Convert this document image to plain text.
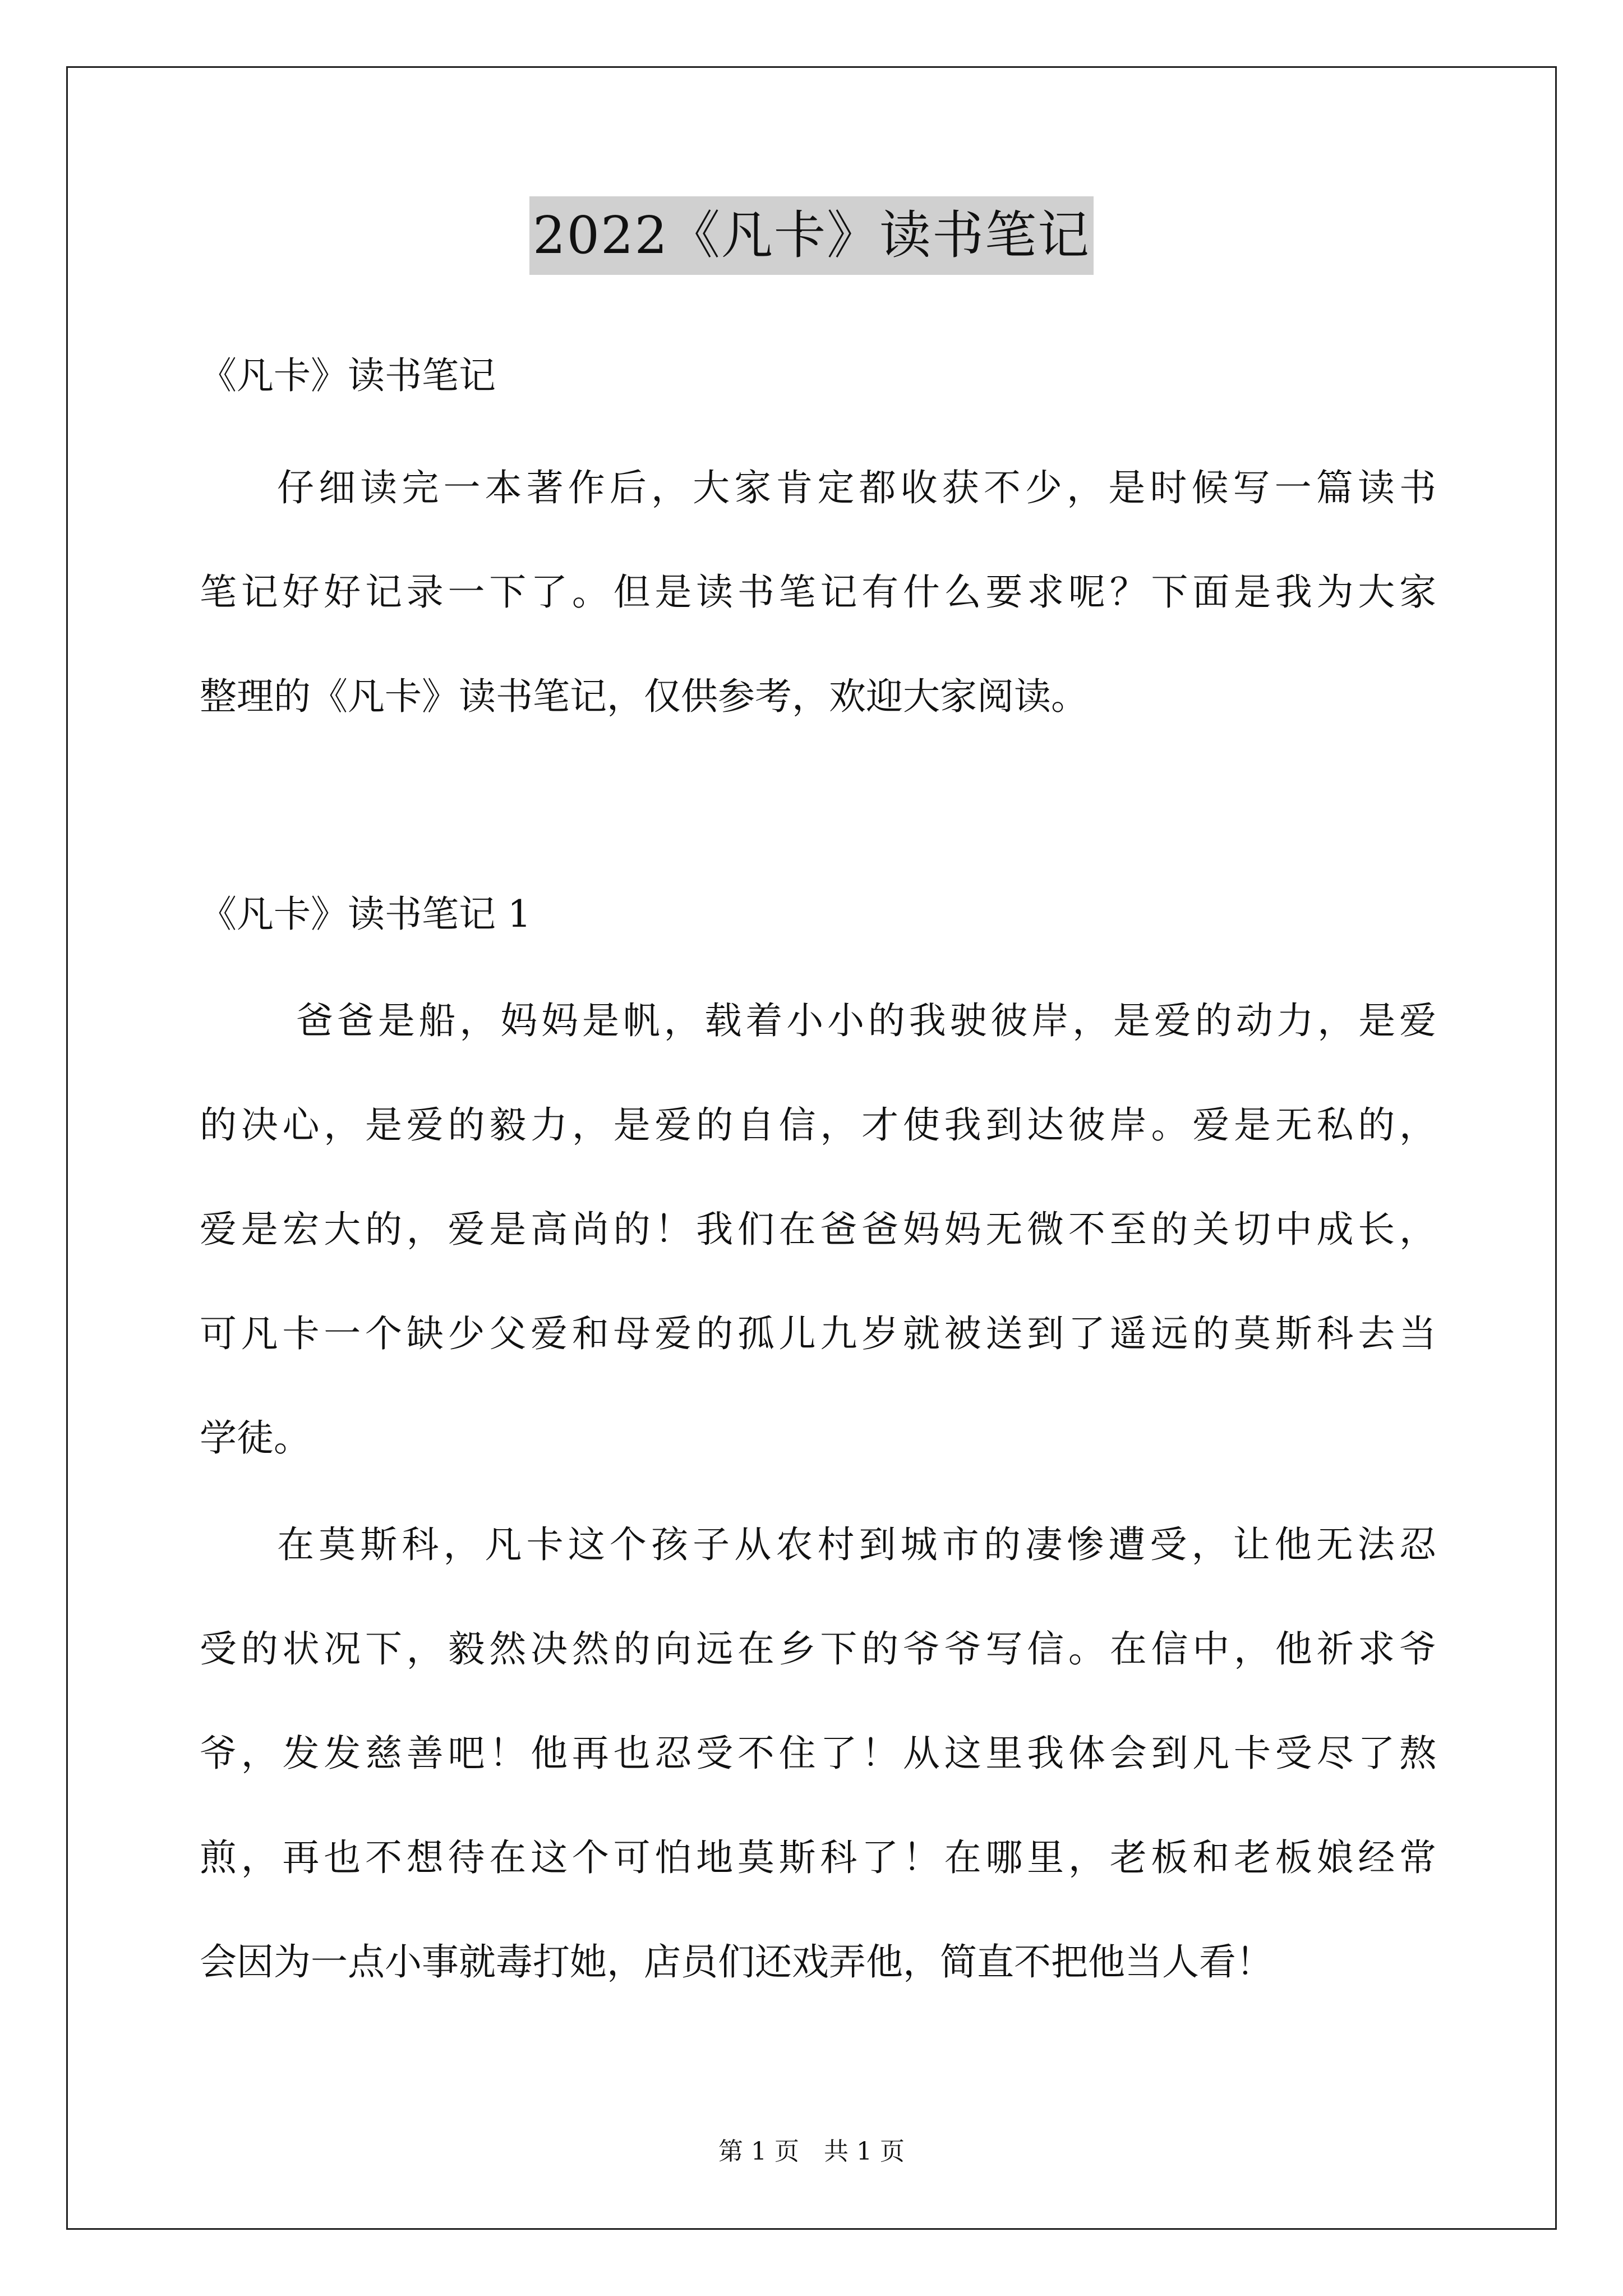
2022《凡卡》读书笔记
《凡卡》读书笔记
仔细读完一本著作后，大家肯定都收获不少，是时候写一篇读书
笔记好好记录一下了。但是读书笔记有什么要求呢？下面是我为大家
整理的《凡卡》读书笔记，仅供参考，欢迎大家阅读。
《凡卡》读书笔记 1
爸爸是船，妈妈是帆，载着小小的我驶彼岸，是爱的动力，是爱
的决心，是爱的毅力，是爱的自信，才使我到达彼岸。爱是无私的，
爱是宏大的，爱是高尚的！我们在爸爸妈妈无微不至的关切中成长，
可凡卡一个缺少父爱和母爱的孤儿九岁就被送到了遥远的莫斯科去当
学徒。
在莫斯科，凡卡这个孩子从农村到城市的凄惨遭受，让他无法忍
受的状况下，毅然决然的向远在乡下的爷爷写信。在信中，他祈求爷
爷，发发慈善吧！他再也忍受不住了！从这里我体会到凡卡受尽了熬
煎，再也不想待在这个可怕地莫斯科了！在哪里，老板和老板娘经常
会因为一点小事就毒打她，店员们还戏弄他，简直不把他当人看！
第 1 页　共 1 页
